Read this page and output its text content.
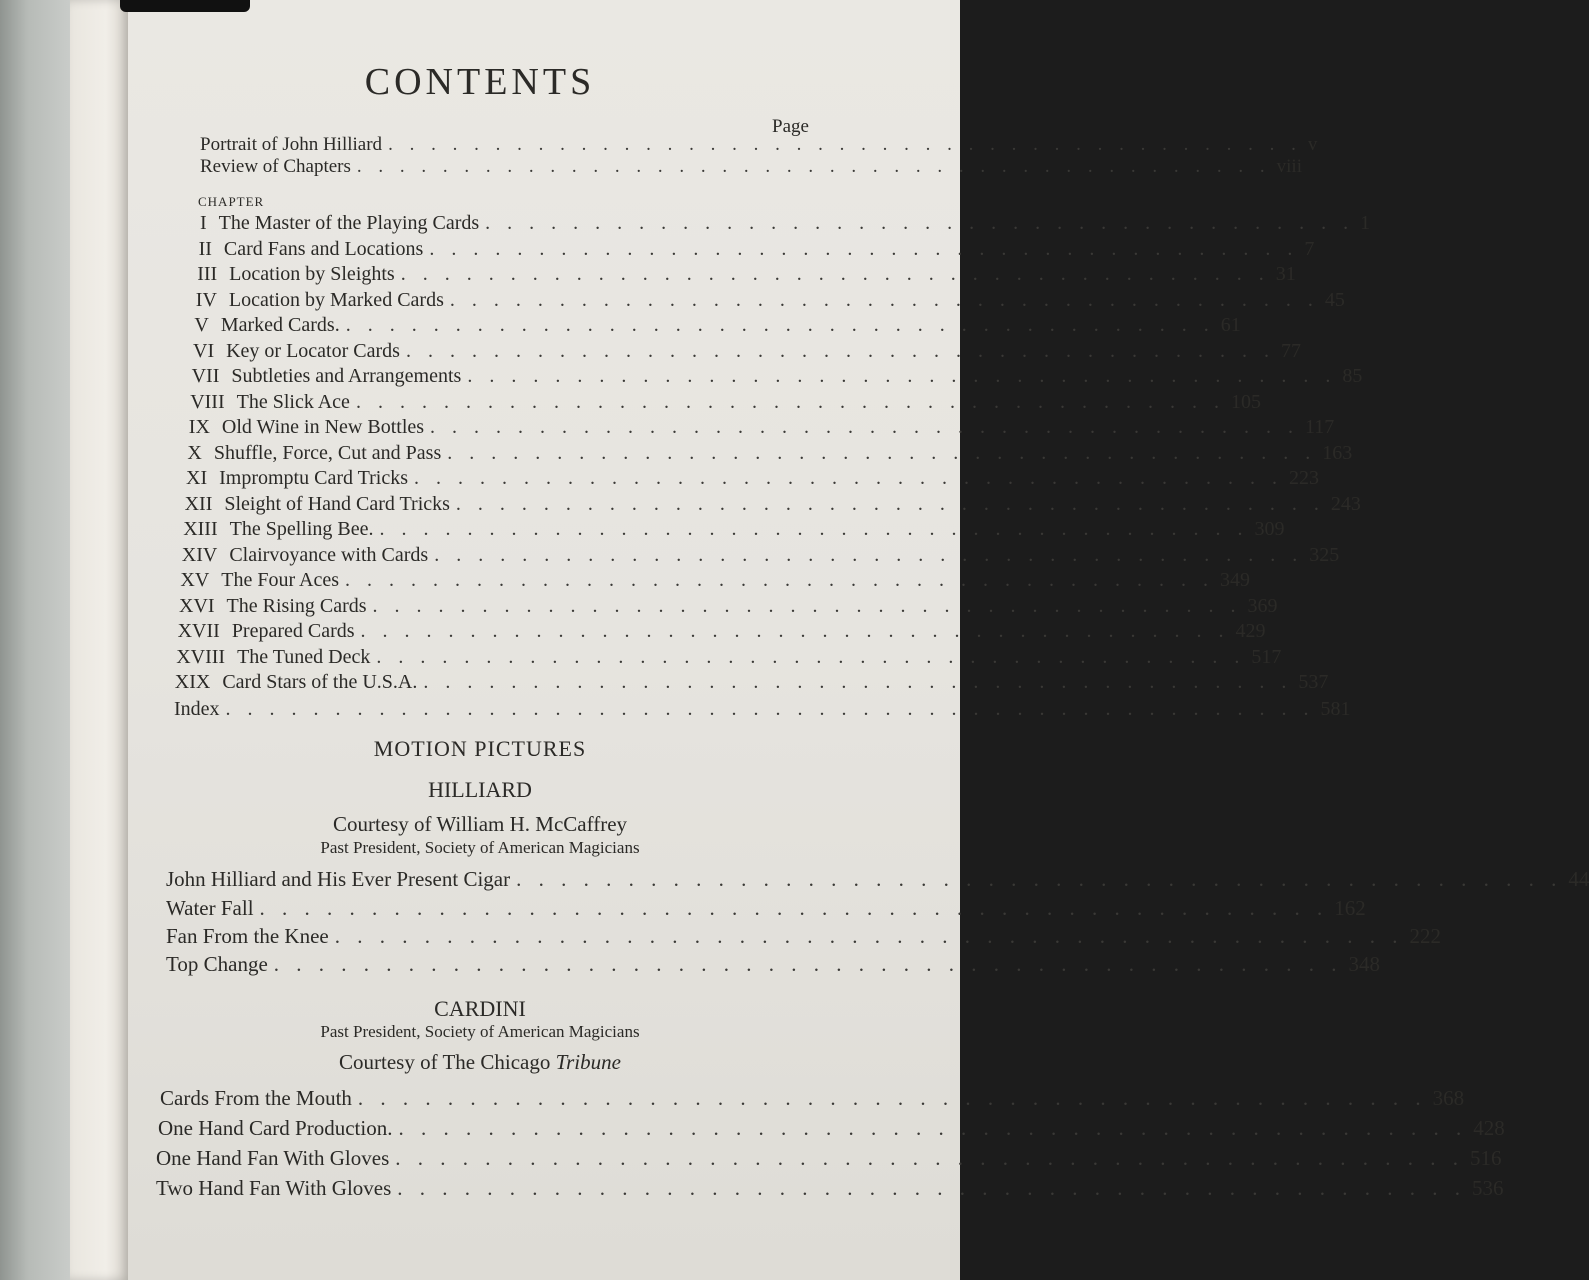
CONTENTS
Page
Portrait of John Hilliard . . . . . . . . . . . . . . . . . . . . . . . . . . . . . . . . . . . . . . . . . . . v
Review of Chapters . . . . . . . . . . . . . . . . . . . . . . . . . . . . . . . . . . . . . . . . . . . viii
CHAPTER
I The Master of the Playing Cards . . . . . . . . . . . . . . . . . . . . . . . . . . . . . . . . . . . . . . . . 1
II Card Fans and Locations . . . . . . . . . . . . . . . . . . . . . . . . . . . . . . . . . . . . . . . . 7
III Location by Sleights . . . . . . . . . . . . . . . . . . . . . . . . . . . . . . . . . . . . . . . . 31
IV Location by Marked Cards . . . . . . . . . . . . . . . . . . . . . . . . . . . . . . . . . . . . . . . . 45
V Marked Cards. . . . . . . . . . . . . . . . . . . . . . . . . . . . . . . . . . . . . . . . . 61
VI Key or Locator Cards . . . . . . . . . . . . . . . . . . . . . . . . . . . . . . . . . . . . . . . . 77
VII Subtleties and Arrangements . . . . . . . . . . . . . . . . . . . . . . . . . . . . . . . . . . . . . . . . 85
VIII The Slick Ace . . . . . . . . . . . . . . . . . . . . . . . . . . . . . . . . . . . . . . . . 105
IX Old Wine in New Bottles . . . . . . . . . . . . . . . . . . . . . . . . . . . . . . . . . . . . . . . . 117
X Shuffle, Force, Cut and Pass . . . . . . . . . . . . . . . . . . . . . . . . . . . . . . . . . . . . . . . . 163
XI Impromptu Card Tricks . . . . . . . . . . . . . . . . . . . . . . . . . . . . . . . . . . . . . . . . 223
XII Sleight of Hand Card Tricks . . . . . . . . . . . . . . . . . . . . . . . . . . . . . . . . . . . . . . . . 243
XIII The Spelling Bee. . . . . . . . . . . . . . . . . . . . . . . . . . . . . . . . . . . . . . . . . 309
XIV Clairvoyance with Cards . . . . . . . . . . . . . . . . . . . . . . . . . . . . . . . . . . . . . . . . 325
XV The Four Aces . . . . . . . . . . . . . . . . . . . . . . . . . . . . . . . . . . . . . . . . 349
XVI The Rising Cards . . . . . . . . . . . . . . . . . . . . . . . . . . . . . . . . . . . . . . . . 369
XVII Prepared Cards . . . . . . . . . . . . . . . . . . . . . . . . . . . . . . . . . . . . . . . . 429
XVIII The Tuned Deck . . . . . . . . . . . . . . . . . . . . . . . . . . . . . . . . . . . . . . . . 517
XIX Card Stars of the U.S.A. . . . . . . . . . . . . . . . . . . . . . . . . . . . . . . . . . . . . . . . . 537
Index . . . . . . . . . . . . . . . . . . . . . . . . . . . . . . . . . . . . . . . . . . . . . . . . . . 581
MOTION PICTURES
HILLIARD
Courtesy of William H. McCaffrey
Past President, Society of American Magicians
John Hilliard and His Ever Present Cigar . . . . . . . . . . . . . . . . . . . . . . . . . . . . . . . . . . . . . . . . . . . . . . . 44
Water Fall . . . . . . . . . . . . . . . . . . . . . . . . . . . . . . . . . . . . . . . . . . . . . . . . 162
Fan From the Knee . . . . . . . . . . . . . . . . . . . . . . . . . . . . . . . . . . . . . . . . . . . . . . . . 222
Top Change . . . . . . . . . . . . . . . . . . . . . . . . . . . . . . . . . . . . . . . . . . . . . . . . 348
CARDINI
Past President, Society of American Magicians
Courtesy of The Chicago Tribune
Cards From the Mouth . . . . . . . . . . . . . . . . . . . . . . . . . . . . . . . . . . . . . . . . . . . . . . . . 368
One Hand Card Production. . . . . . . . . . . . . . . . . . . . . . . . . . . . . . . . . . . . . . . . . . . . . . . . . 428
One Hand Fan With Gloves . . . . . . . . . . . . . . . . . . . . . . . . . . . . . . . . . . . . . . . . . . . . . . . . 516
Two Hand Fan With Gloves . . . . . . . . . . . . . . . . . . . . . . . . . . . . . . . . . . . . . . . . . . . . . . . . 536
